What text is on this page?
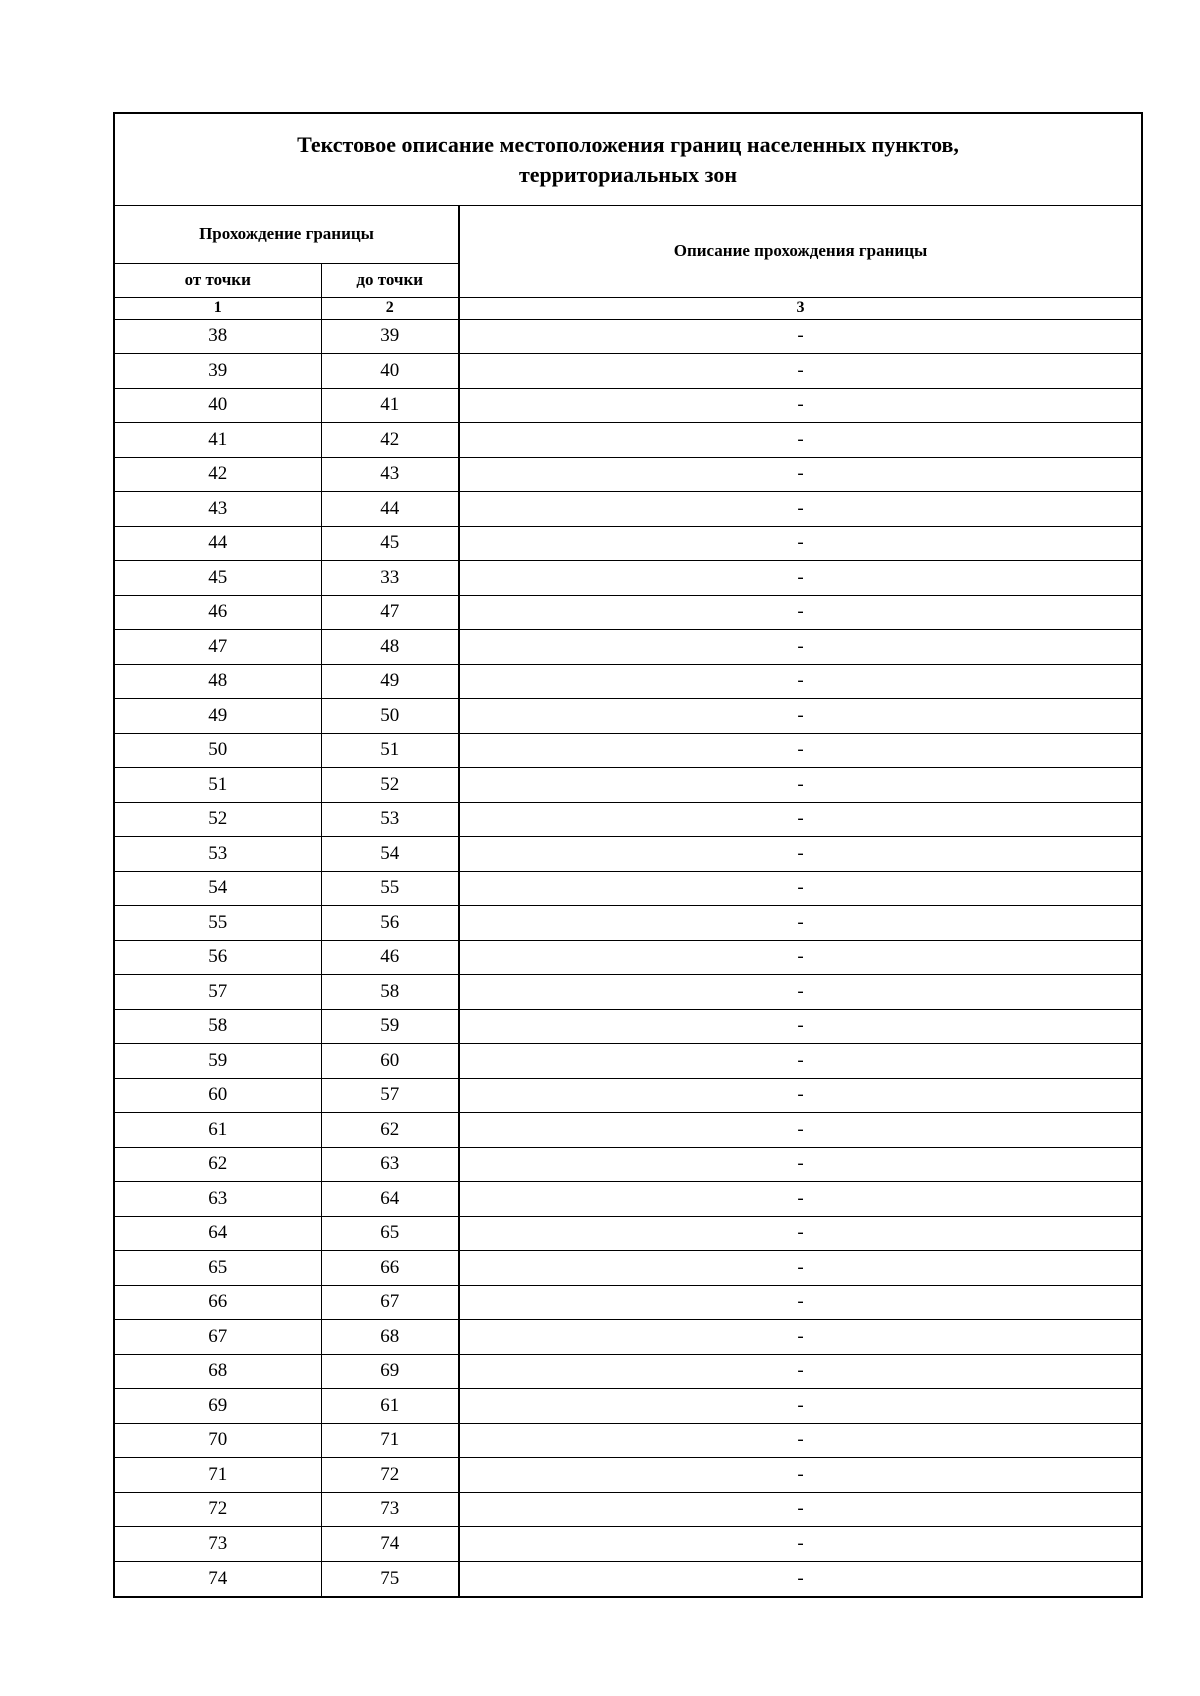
Текстовое описание местоположения границ населенных пунктов,
территориальных зон
Прохождение границы		Описание прохождения границы
от точки	до точки	
1	2	3
38	39	-
39	40	-
40	41	-
41	42	-
42	43	-
43	44	-
44	45	-
45	33	-
46	47	-
47	48	-
48	49	-
49	50	-
50	51	-
51	52	-
52	53	-
53	54	-
54	55	-
55	56	-
56	46	-
57	58	-
58	59	-
59	60	-
60	57	-
61	62	-
62	63	-
63	64	-
64	65	-
65	66	-
66	67	-
67	68	-
68	69	-
69	61	-
70	71	-
71	72	-
72	73	-
73	74	-
74	75	-
